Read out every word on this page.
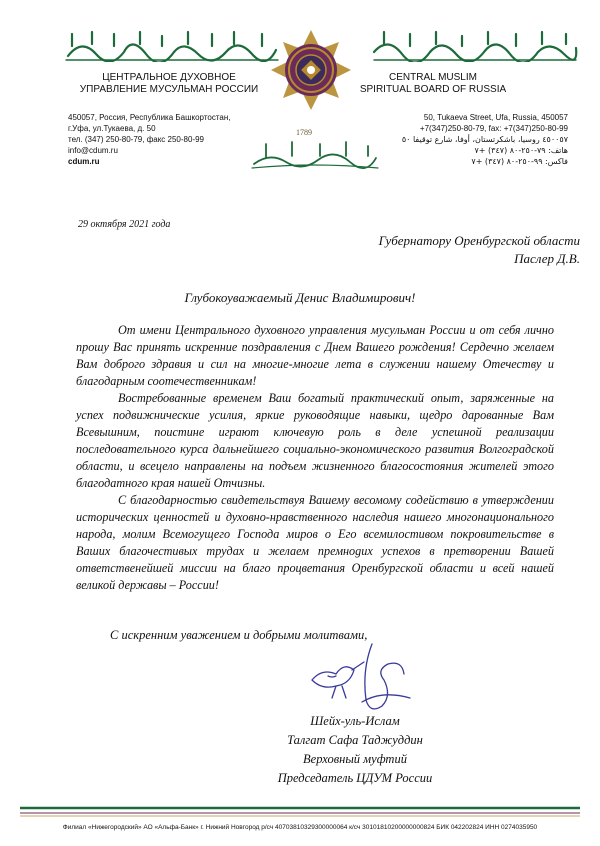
ЦЕНТРАЛЬНОЕ ДУХОВНОЕ
УПРАВЛЕНИЕ МУСУЛЬМАН РОССИИ
CENTRAL MUSLIM
SPIRITUAL BOARD OF RUSSIA
1789
450057, Россия, Республика Башкортостан,
г.Уфа, ул.Тукаева, д. 50
тел. (347) 250-80-79, факс 250-80-99
info@cdum.ru
cdum.ru
50, Tukaeva Street, Ufa, Russia, 450057
+7(347)250-80-79, fax: +7(347)250-80-99
٤٥٠٠٥٧ روسيا، باشكرتستان، أوفا، شارع توقيفا ٥٠
هاتف: ٧٩-٢٥٠-٨٠ (٣٤٧) +٧
فاكس: ٩٩-٢٥٠-٨٠ (٣٤٧) +٧
29 октября 2021 года
Губернатору Оренбургской области
Паслер Д.В.
Глубокоуважаемый Денис Владимирович!

От имени Центрального духовного управления мусульман России и от себя лично прошу Вас принять искренние поздравления с Днем Вашего рождения! Сердечно желаем Вам доброго здравия и сил на многие-многие лета в служении нашему Отечеству и благодарным соотечественникам!

Востребованные временем Ваш богатый практический опыт, заряженные на успех подвижнические усилия, яркие руководящие навыки, щедро дарованные Вам Всевышним, поистине играют ключевую роль в деле успешной реализации последовательного курса дальнейшего социально-экономического развития Волгоградской области, и всецело направлены на подъем жизненного благосостояния жителей этого благодатного края нашей Отчизны.

С благодарностью свидетельствуя Вашему весомому содействию в утверждении исторических ценностей и духовно-нравственного наследия нашего многонационального народа, молим Всемогущего Господа миров о Его всемилостивом покровительстве в Ваших благочестивых трудах и желаем премнogих успехов в претворении Вашей ответственейшей миссии на благо процветания Оренбургской области и всей нашей великой державы – России!

С искренним уважением и добрыми молитвами,
Шейх-уль-Ислам
Талгат Сафа Таджуддин
Верховный муфтий
Председатель ЦДУМ России
Филиал «Нижегородский» АО «Альфа-Банк» г. Нижний Новгород р/сч 40703810329300000064 к/сч 30101810200000000824 БИК 042202824 ИНН 0274035950
